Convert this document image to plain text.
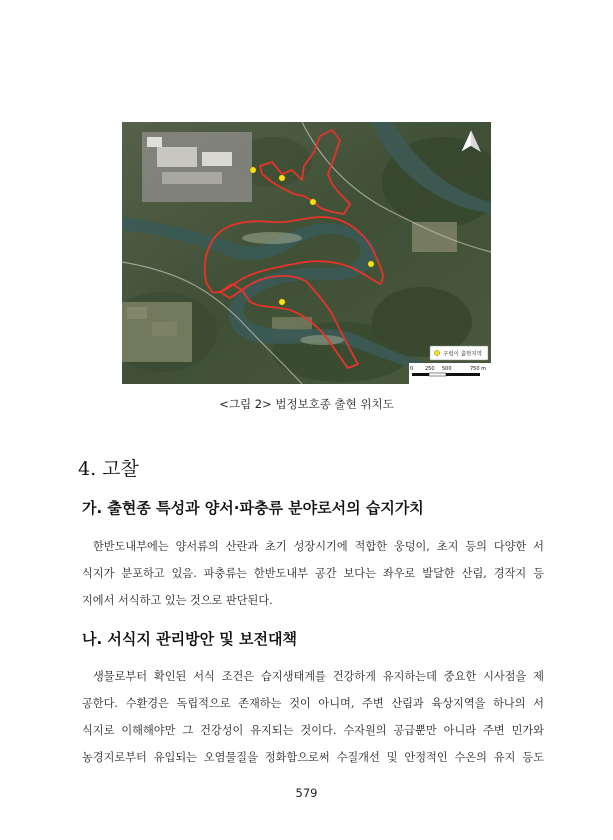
구렁이 출현지역
0 250 500	750 m
<그림 2> 법정보호종 출현 위치도
4. 고찰
가. 출현종 특성과 양서·파충류 분야로서의 습지가치
한반도내부에는 양서류의 산란과 초기 성장시기에 적합한 웅덩이, 초지 등의 다양한 서
식지가 분포하고 있음. 파충류는 한반도내부 공간 보다는 좌우로 발달한 산림, 경작지 등
지에서 서식하고 있는 것으로 판단된다.
나. 서식지 관리방안 및 보전대책
생물로부터 확인된 서식 조건은 습지생태계를 건강하게 유지하는데 중요한 시사점을 제
공한다. 수환경은 독립적으로 존재하는 것이 아니며, 주변 산림과 육상지역을 하나의 서
식지로 이해해야만 그 건강성이 유지되는 것이다. 수자원의 공급뿐만 아니라 주변 민가와
농경지로부터 유입되는 오염물질을 정화함으로써 수질개선 및 안정적인 수온의 유지 등도
579
